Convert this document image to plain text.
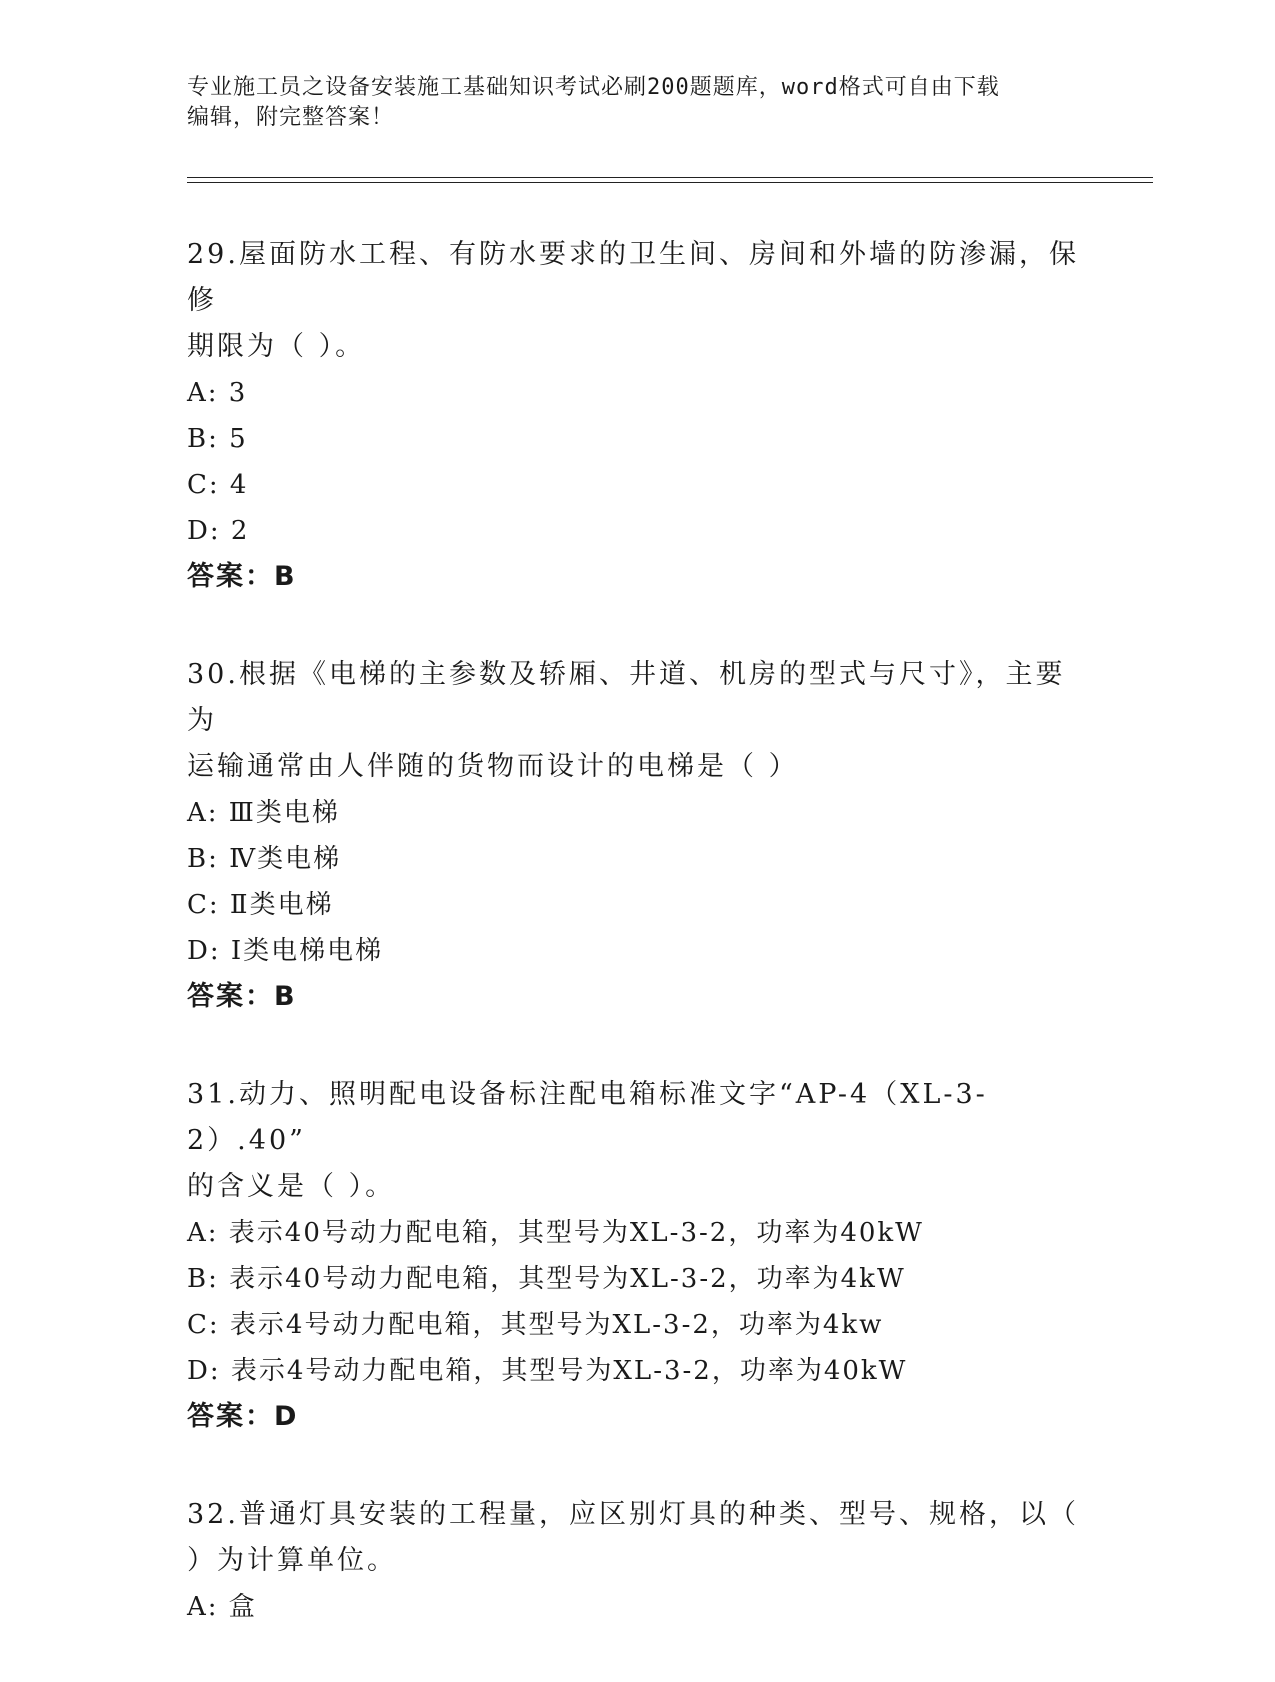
专业施工员之设备安装施工基础知识考试必刷200题题库，word格式可自由下载
编辑，附完整答案！
29.屋面防水工程、有防水要求的卫生间、房间和外墙的防渗漏，保修
期限为（ ）。
A: 3
B: 5
C: 4
D: 2
答案：B
30.根据《电梯的主参数及轿厢、井道、机房的型式与尺寸》，主要为
运输通常由人伴随的货物而设计的电梯是（ ）
A: Ⅲ类电梯
B: Ⅳ类电梯
C: Ⅱ类电梯
D: Ⅰ类电梯电梯
答案：B
31.动力、照明配电设备标注配电箱标准文字“AP-4（XL-3-2）.40”
的含义是（ ）。
A: 表示40号动力配电箱，其型号为XL-3-2，功率为40kW
B: 表示40号动力配电箱，其型号为XL-3-2，功率为4kW
C: 表示4号动力配电箱，其型号为XL-3-2，功率为4kw
D: 表示4号动力配电箱，其型号为XL-3-2，功率为40kW
答案：D
32.普通灯具安装的工程量，应区别灯具的种类、型号、规格，以（
）为计算单位。
A: 盒
